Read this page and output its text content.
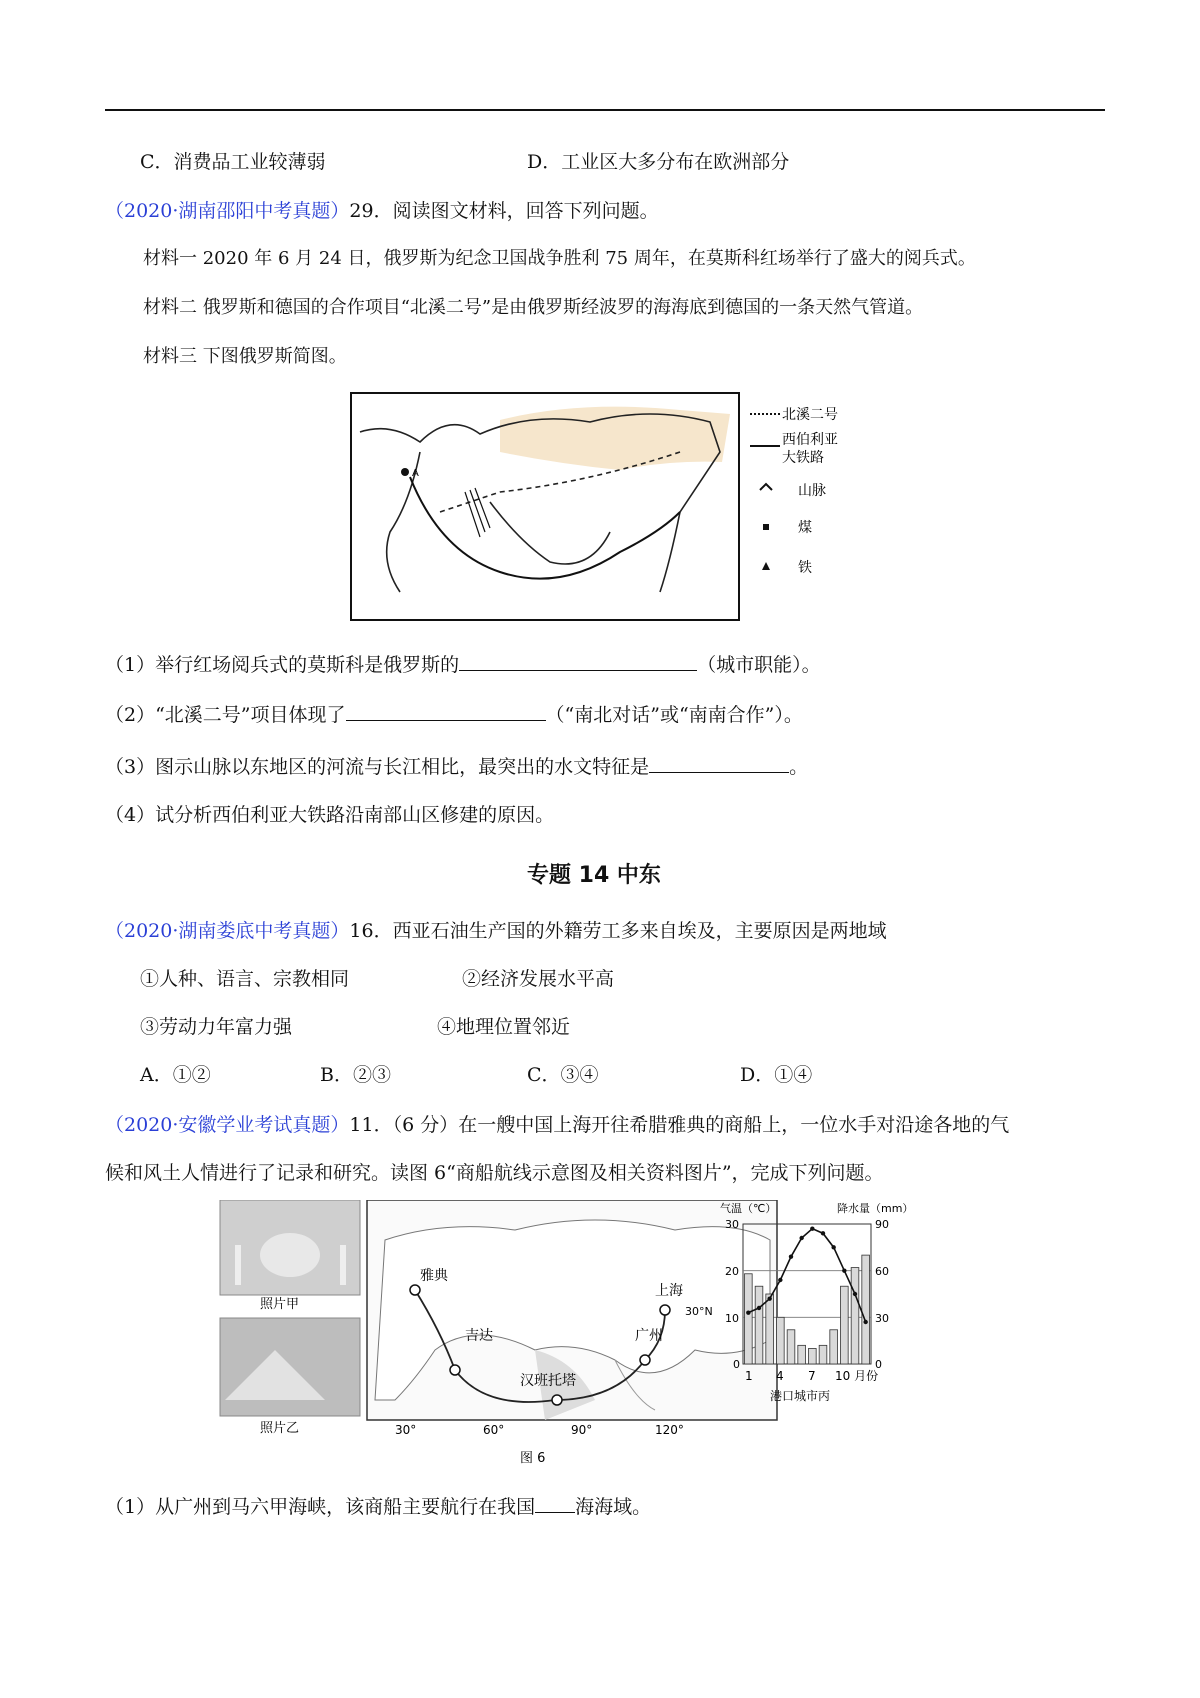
C．消费品工业较薄弱	D．工业区大多分布在欧洲部分
（2020·湖南邵阳中考真题）29．阅读图文材料，回答下列问题。
材料一 2020 年 6 月 24 日，俄罗斯为纪念卫国战争胜利 75 周年，在莫斯科红场举行了盛大的阅兵式。
材料二 俄罗斯和德国的合作项目“北溪二号”是由俄罗斯经波罗的海海底到德国的一条天然气管道。
材料三 下图俄罗斯简图。
A
北溪二号
西伯利亚
大铁路
山脉
煤
铁
（1）举行红场阅兵式的莫斯科是俄罗斯的	（城市职能）。
（2）“北溪二号”项目体现了	（“南北对话”或“南南合作”）。
（3）图示山脉以东地区的河流与长江相比，最突出的水文特征是	。
（4）试分析西伯利亚大铁路沿南部山区修建的原因。
专题 14 中东
（2020·湖南娄底中考真题）16．西亚石油生产国的外籍劳工多来自埃及，主要原因是两地域
①人种、语言、宗教相同	②经济发展水平高
③劳动力年富力强	④地理位置邻近
A．①②	B．②③	C．③④	D．①④
（2020·安徽学业考试真题）11．（6 分）在一艘中国上海开往希腊雅典的商船上，一位水手对沿途各地的气
候和风土人情进行了记录和研究。读图 6“商船航线示意图及相关资料图片”，完成下列问题。
照片甲
照片乙
雅典
吉达	广州
上海
汉班托塔
30°N
30°	60°	90°	120°
图 6
气温（℃）	降水量（mm）
30
20
10
0
90
60
30
0
1 4 7 10 月份
港口城市丙
（1）从广州到马六甲海峡，该商船主要航行在我国 海海域。
